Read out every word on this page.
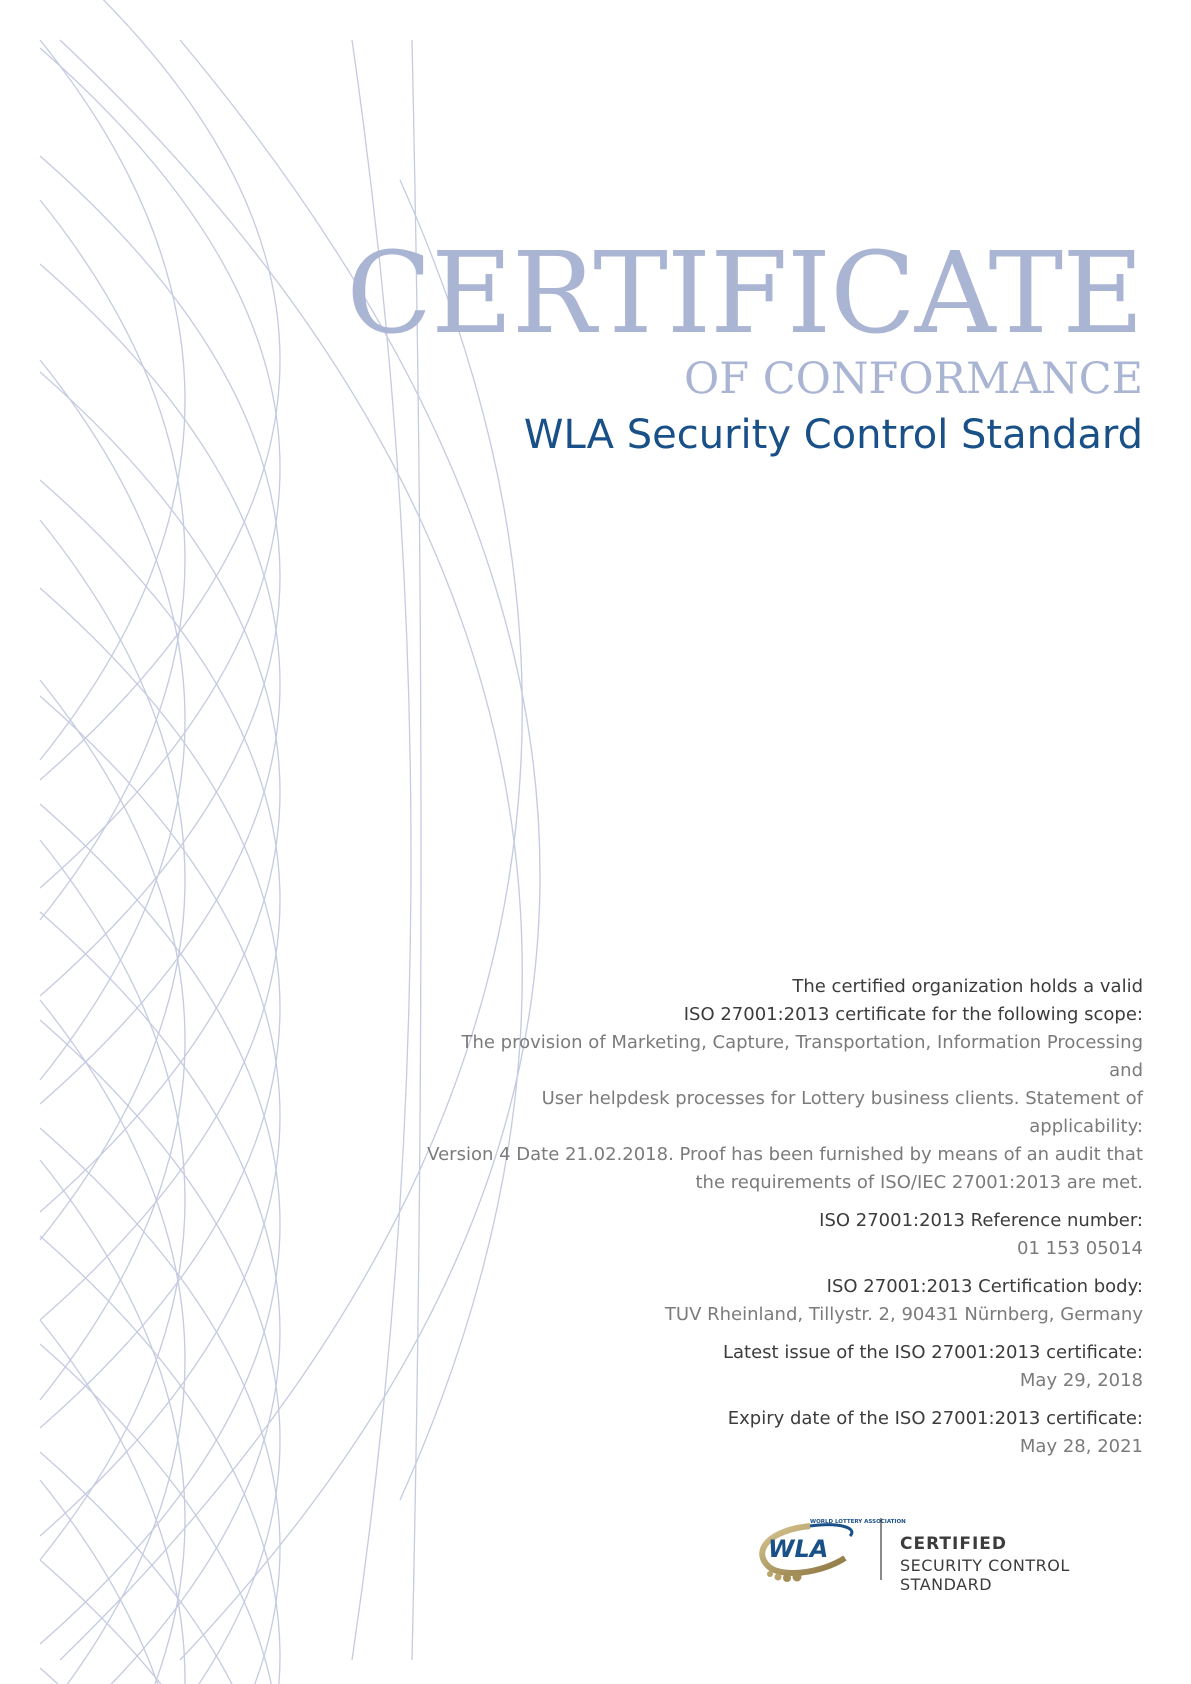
CERTIFICATE
OF CONFORMANCE
WLA Security Control Standard
The certified organization holds a valid
ISO 27001:2013 certificate for the following scope:
The provision of Marketing, Capture, Transportation, Information Processing and
User helpdesk processes for Lottery business clients. Statement of applicability:
Version 4 Date 21.02.2018. Proof has been furnished by means of an audit that
the requirements of ISO/IEC 27001:2013 are met.
ISO 27001:2013 Reference number:
01 153 05014
ISO 27001:2013 Certification body:
TUV Rheinland, Tillystr. 2, 90431 Nürnberg, Germany
Latest issue of the ISO 27001:2013 certificate:
May 29, 2018
Expiry date of the ISO 27001:2013 certificate:
May 28, 2021
WLA
WORLD LOTTERY ASSOCIATION
CERTIFIED
SECURITY CONTROL STANDARD
